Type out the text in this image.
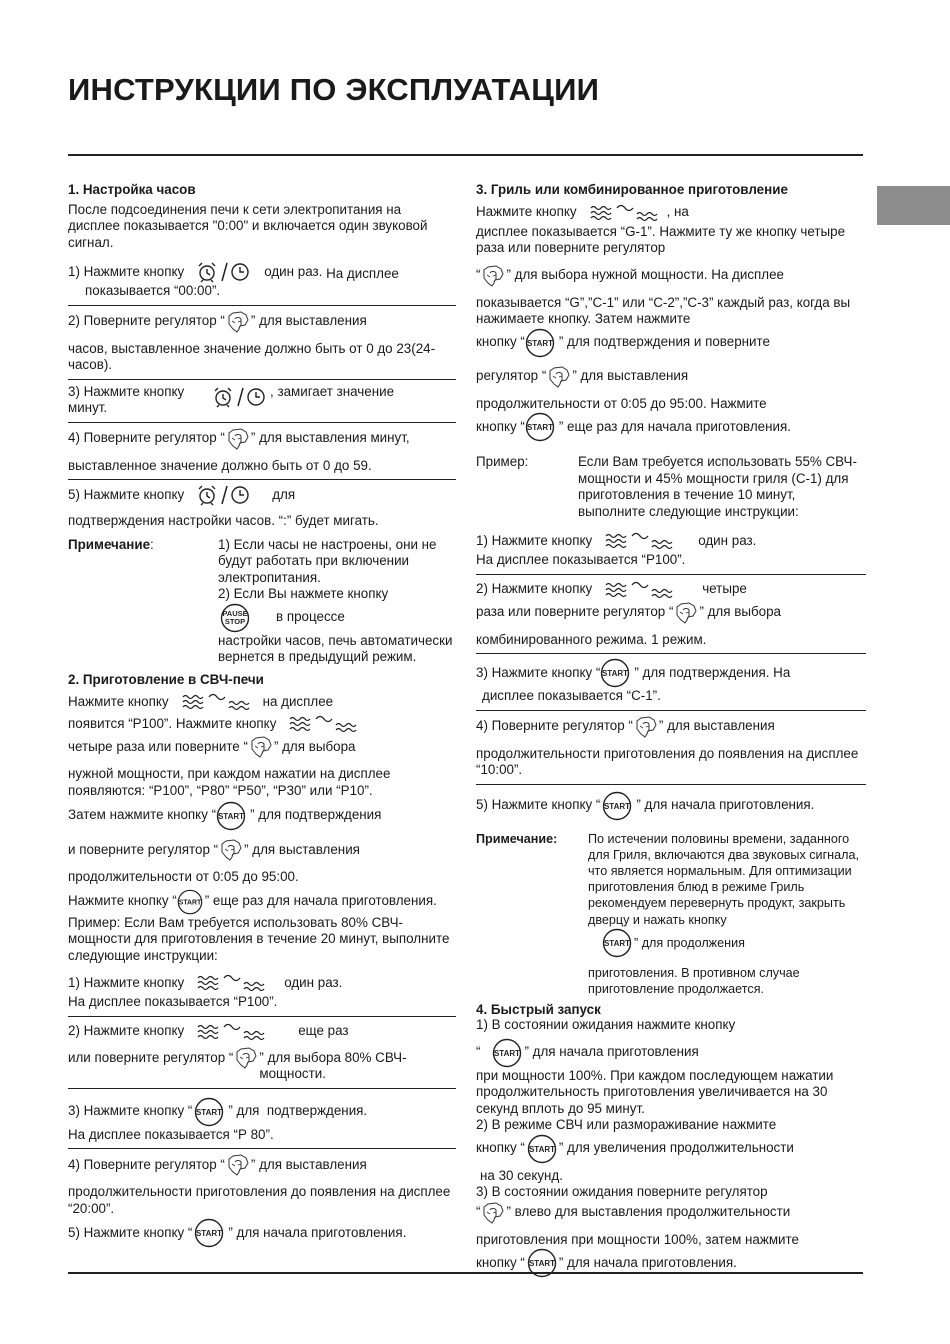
ИНСТРУКЦИИ ПО ЭКСПЛУАТАЦИИ
1. Настройка часов

После подсоединения печи к сети электропитания на дисплее показывается "0:00" и включается один звуковой сигнал.

1) Нажмите кнопку	один раз. На дисплее
показывается “00:00”.
2) Поверните регулятор “ ” для выставления

часов, выставленное значение должно быть от 0 до 23(24-часов).

3) Нажмите кнопку
минут.
, замигает значение
4) Поверните регулятор “ ” для выставления минут,

выставленное значение должно быть от 0 до 59.

5) Нажмите кнопку	для

подтверждения настройки часов. “:” будет мигать.

Примечание:	1) Если часы не настроены, они не будут работать при включении электропитания.

2) Если Вы нажмете кнопку

PAUSE
STOP в процессе

настройки часов, печь автоматически вернется в предыдущий режим.

2. Приготовление в СВЧ-печи
Нажмите кнопку	на дисплее
появится “Р100”. Нажмите кнопку
четыре раза или поверните “ ” для выбора

нужной мощности, при каждом нажатии на дисплее появляются: “Р100”, “Р80” “Р50”, “Р30” или “Р10”.

Затем нажмите кнопку “ START ” для подтверждения
и поверните регулятор “ ” для выставления

продолжительности от 0:05 до 95:00.

Нажмите кнопку “ START ” еще раз для начала приготовления.

Пример: Если Вам требуется использовать 80% СВЧ-мощности для приготовления в течение 20 минут, выполните следующие инструкции:

1) Нажмите кнопку	один раз.

На дисплее показывается “Р100”.

2) Нажмите кнопку	еще раз
или поверните регулятор “ ” для выбора 80% СВЧ-мощности.
3) Нажмите кнопку “ START ” для  подтверждения.

На дисплее показывается “Р 80”.

4) Поверните регулятор “ ” для выставления

продолжительности приготовления до появления на дисплее “20:00”.

5) Нажмите кнопку “ START ” для начала приготовления.
3. Гриль или комбинированное приготовление
Нажмите кнопку	, на

дисплее показывается “G-1”. Нажмите ту же кнопку четыре раза или поверните регулятор

“ ” для выбора нужной мощности. На дисплее

показывается “G”,”C-1” или “C-2”,”C-3” каждый раз, когда вы нажимаете кнопку. Затем нажмите

кнопку “ START ” для подтверждения и поверните
регулятор “ ” для выставления

продолжительности от 0:05 до 95:00. Нажмите

кнопку “ START ” еще раз для начала приготовления.
Пример:	Если Вам требуется использовать 55% СВЧ-мощности и 45% мощности гриля (С-1) для приготовления в течение 10 минут, выполните следующие инструкции:
1) Нажмите кнопку	один раз.

На дисплее показывается “Р100”.

2) Нажмите кнопку	четыре
раза или поверните регулятор “ ” для выбора

комбинированного режима. 1 режим.

3) Нажмите кнопку “ START ” для подтверждения. На

дисплее показывается “С-1”.

4) Поверните регулятор “ ” для выставления

продолжительности приготовления до появления на дисплее “10:00”.

5) Нажмите кнопку “ START ” для начала приготовления.
Примечание:	По истечении половины времени, заданного для Гриля, включаются два звуковых сигнала, что является нормальным. Для оптимизации приготовления блюд в режиме Гриль рекомендуем перевернуть продукт, закрыть дверцу и нажать кнопку

START ” для продолжения

приготовления. В противном случае приготовление продолжается.

4. Быстрый запуск

1) В состоянии ожидания нажмите кнопку

“ START ” для начала приготовления

при мощности 100%. При каждом последующем нажатии продолжительность приготовления увеличивается на 30 секунд вплоть до 95 минут.

2) В режиме СВЧ или размораживание нажмите

кнопку “ START ” для увеличения продолжительности

на 30 секунд.

3) В состоянии ожидания поверните регулятор

“ ” влево для выставления продолжительности

приготовления при мощности 100%, затем нажмите

кнопку “ START ” для начала приготовления.
